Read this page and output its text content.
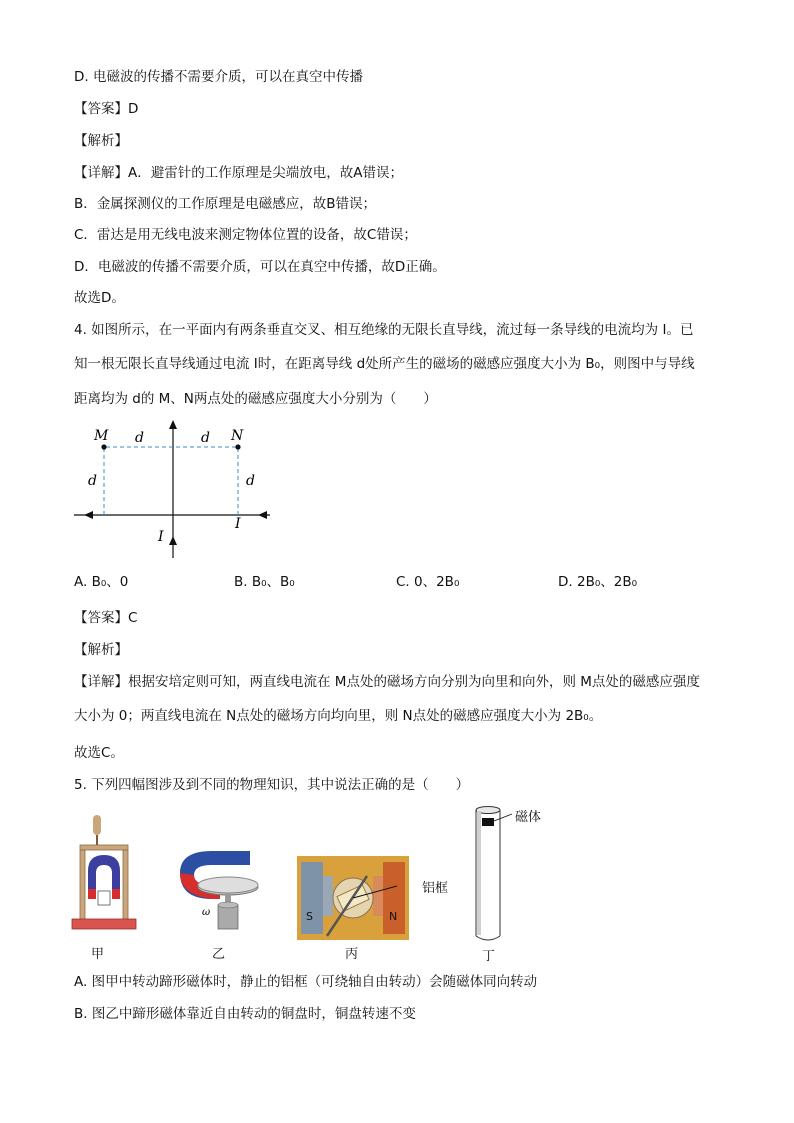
D. 电磁波的传播不需要介质，可以在真空中传播
【答案】D
【解析】
【详解】A．避雷针的工作原理是尖端放电，故A错误；
B．金属探测仪的工作原理是电磁感应，故B错误；
C．雷达是用无线电波来测定物体位置的设备，故C错误；
D．电磁波的传播不需要介质，可以在真空中传播，故D正确。
故选D。
4. 如图所示，在一平面内有两条垂直交叉、相互绝缘的无限长直导线，流过每一条导线的电流均为 I。已
知一根无限长直导线通过电流 I时，在距离导线 d处所产生的磁场的磁感应强度大小为 B₀，则图中与导线
距离均为 d的 M、N两点处的磁感应强度大小分别为（　　）
M d	d N
d	d
I
I
A. B₀、0	B. B₀、B₀	C. 0、2B₀	D. 2B₀、2B₀
【答案】C
【解析】
【详解】根据安培定则可知，两直线电流在 M点处的磁场方向分别为向里和向外，则 M点处的磁感应强度
大小为 0；两直线电流在 N点处的磁场方向均向里，则 N点处的磁感应强度大小为 2B₀。
故选C。
5. 下列四幅图涉及到不同的物理知识，其中说法正确的是（　　）
甲
ω
乙
S	N
铝框
丙
磁体
丁
A. 图甲中转动蹄形磁体时，静止的铝框（可绕轴自由转动）会随磁体同向转动
B. 图乙中蹄形磁体靠近自由转动的铜盘时，铜盘转速不变
